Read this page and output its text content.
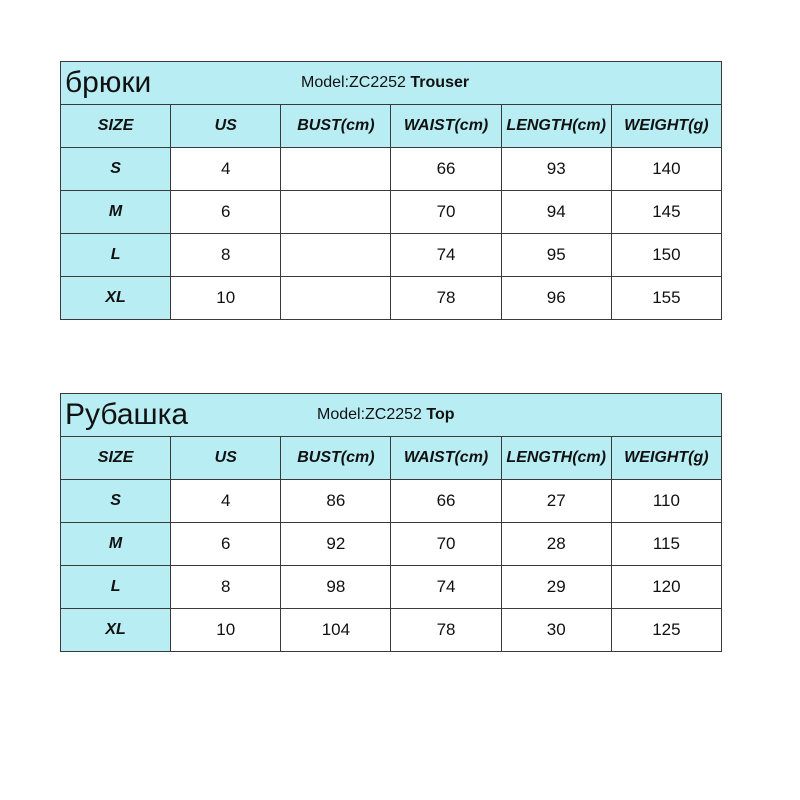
брюки Model:ZC2252 Trouser					

SIZE	US	BUST(cm)	WAIST(cm)	LENGTH(cm)	WEIGHT(g)
S	4		66	93	140
M	6		70	94	145
L	8		74	95	150
XL	10		78	96	155
Рубашка Model:ZC2252 Top					

SIZE	US	BUST(cm)	WAIST(cm)	LENGTH(cm)	WEIGHT(g)
S	4	86	66	27	110
M	6	92	70	28	115
L	8	98	74	29	120
XL	10	104	78	30	125
